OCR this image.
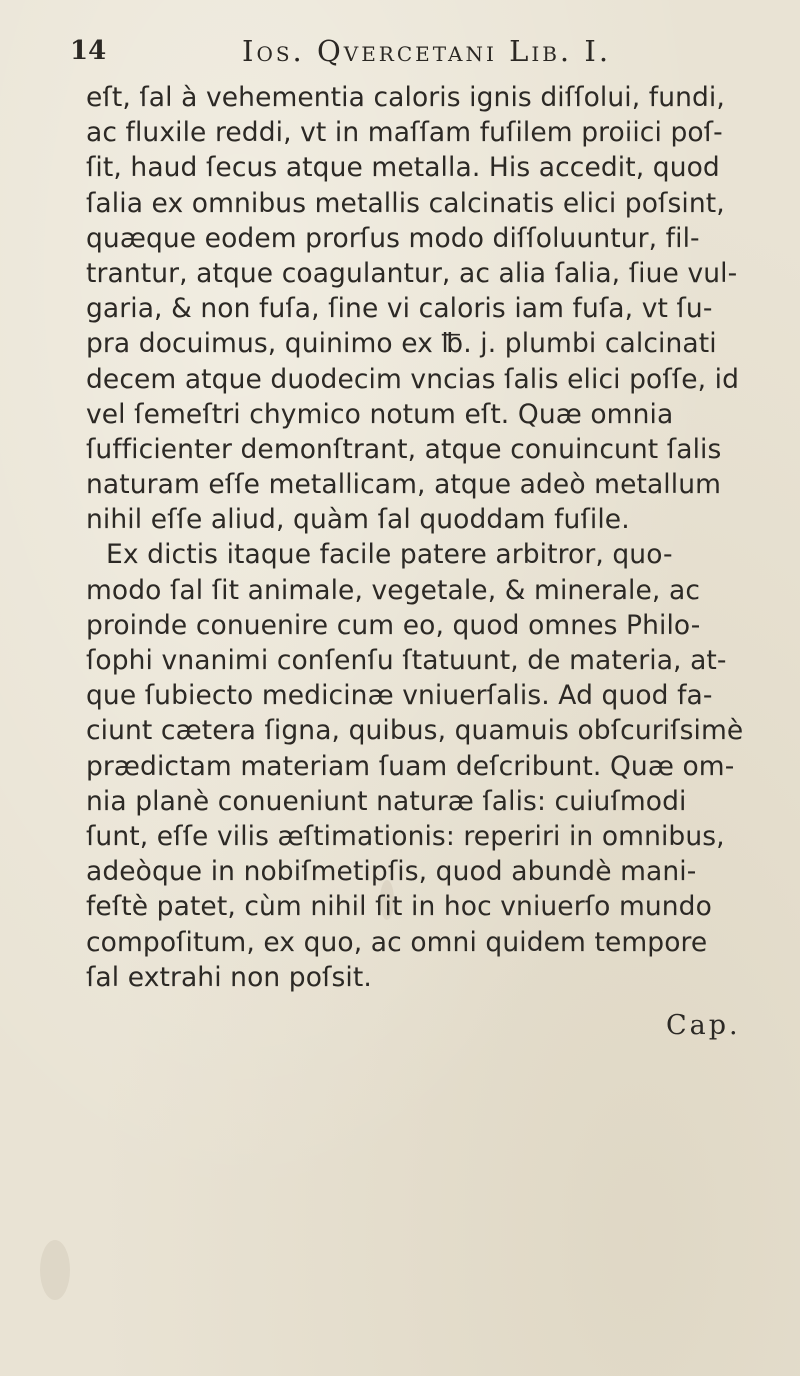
14	Ios. Qvercetani Lib. I.
eſt, ſal à vehementia caloris ignis diſſolui, fundi,
ac fluxile reddi, vt in maſſam fuſilem proiici poſ-
ſit, haud ſecus atque metalla. His accedit, quod
ſalia ex omnibus metallis calcinatis elici poſsint,
quæque eodem prorſus modo diſſoluuntur, fil-
trantur, atque coagulantur, ac alia ſalia, ſiue vul-
garia, & non fuſa, ſine vi caloris iam fuſa, vt ſu-
pra docuimus, quinimo ex ℔. j. plumbi calcinati
decem atque duodecim vncias ſalis elici poſſe, id
vel ſemeſtri chymico notum eſt. Quæ omnia
ſufficienter demonſtrant, atque conuincunt ſalis
naturam eſſe metallicam, atque adeò metallum
nihil eſſe aliud, quàm ſal quoddam fuſile.
Ex dictis itaque facile patere arbitror, quo-
modo ſal ſit animale, vegetale, & minerale, ac
proinde conuenire cum eo, quod omnes Philo-
ſophi vnanimi conſenſu ſtatuunt, de materia, at-
que ſubiecto medicinæ vniuerſalis. Ad quod fa-
ciunt cætera ſigna, quibus, quamuis obſcuriſsimè
prædictam materiam ſuam deſcribunt. Quæ om-
nia planè conueniunt naturæ ſalis: cuiuſmodi
ſunt, eſſe vilis æſtimationis: reperiri in omnibus,
adeòque in nobiſmetipſis, quod abundè mani-
feſtè patet, cùm nihil ſit in hoc vniuerſo mundo
compoſitum, ex quo, ac omni quidem tempore
ſal extrahi non poſsit.
Cap.
